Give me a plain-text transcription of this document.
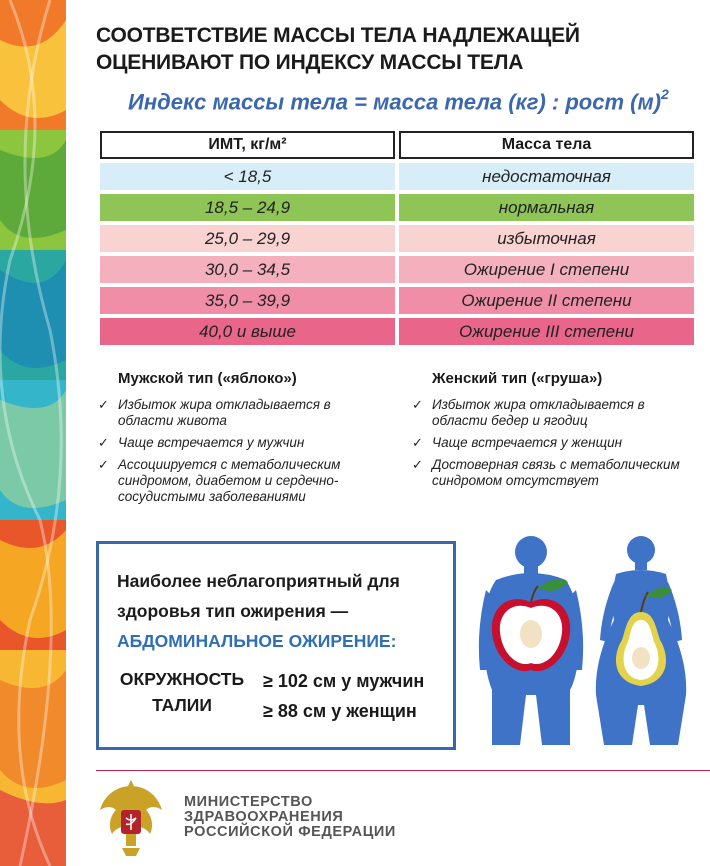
СООТВЕТСТВИЕ МАССЫ ТЕЛА НАДЛЕЖАЩЕЙ ОЦЕНИВАЮТ ПО ИНДЕКСУ МАССЫ ТЕЛА
Индекс массы тела = масса тела (кг) : рост $(м)^2$
ИМТ, кг/м²	Масса тела
< 18,5	недостаточная
18,5 – 24,9	нормальная
25,0 – 29,9	избыточная
30,0 – 34,5	Ожирение I степени
35,0 – 39,9	Ожирение II степени
40,0 и выше	Ожирение III степени
Мужской тип («яблоко»)
✓ Избыток жира откладывается в области живота
✓ Чаще встречается у мужчин
✓ Ассоциируется с метаболическим синдромом, диабетом и сердечно-сосудистыми заболеваниями
Женский тип («груша»)
✓ Избыток жира откладывается в области бедер и ягодиц
✓ Чаще встречается у женщин
✓ Достоверная связь с метаболическим синдромом отсутствует
Наиболее неблагоприятный для
здоровья тип ожирения —
АБДОМИНАЛЬНОЕ ОЖИРЕНИЕ:
ОКРУЖНОСТЬ
ТАЛИИ
≥ 102 см у мужчин
≥ 88 см у женщин
МИНИСТЕРСТВО
ЗДРАВООХРАНЕНИЯ
РОССИЙСКОЙ ФЕДЕРАЦИИ
